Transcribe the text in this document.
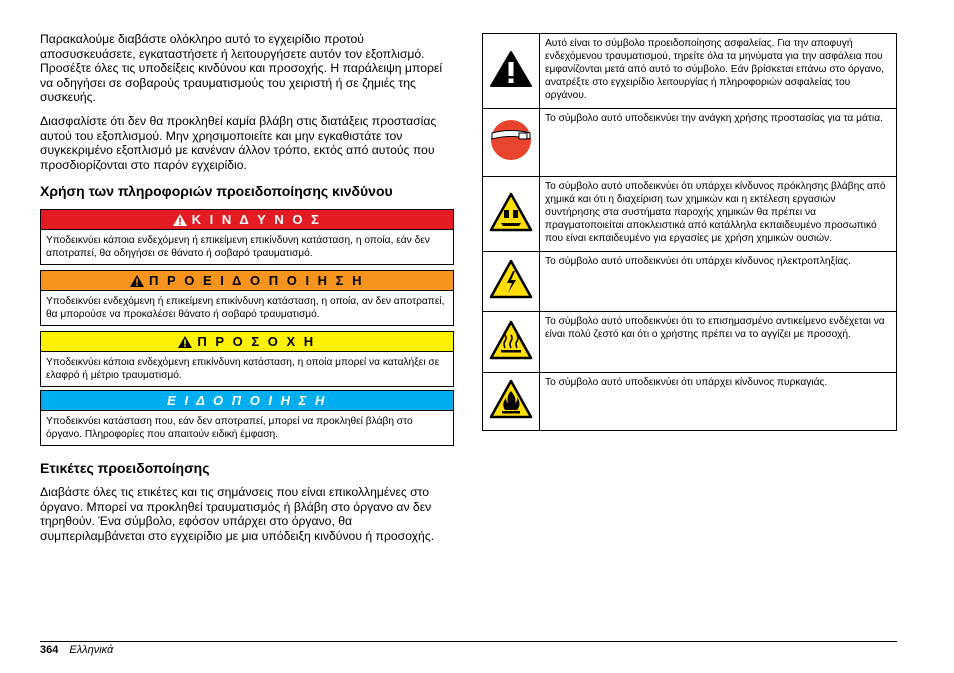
Παρακαλούμε διαβάστε ολόκληρο αυτό το εγχειρίδιο προτού αποσυσκευάσετε, εγκαταστήσετε ή λειτουργήσετε αυτόν τον εξοπλισμό. Προσέξτε όλες τις υποδείξεις κινδύνου και προσοχής. Η παράλειψη μπορεί να οδηγήσει σε σοβαρούς τραυματισμούς του χειριστή ή σε ζημιές της συσκευής.

Διασφαλίστε ότι δεν θα προκληθεί καμία βλάβη στις διατάξεις προστασίας αυτού του εξοπλισμού. Μην χρησιμοποιείτε και μην εγκαθιστάτε τον συγκεκριμένο εξοπλισμό με κανέναν άλλον τρόπο, εκτός από αυτούς που προσδιορίζονται στο παρόν εγχειρίδιο.

Χρήση των πληροφοριών προειδοποίησης κινδύνου
Κ Ι Ν Δ Υ Ν Ο Σ
Υποδεικνύει κάποια ενδεχόμενη ή επικείμενη επικίνδυνη κατάσταση, η οποία, εάν δεν αποτραπεί, θα οδηγήσει σε θάνατο ή σοβαρό τραυματισμό.
Π Ρ Ο Ε Ι Δ Ο Π Ο Ι Η Σ Η
Υποδεικνύει ενδεχόμενη ή επικείμενη επικίνδυνη κατάσταση, η οποία, αν δεν αποτραπεί, θα μπορούσε να προκαλέσει θάνατο ή σοβαρό τραυματισμό.
Π Ρ Ο Σ Ο Χ Η
Υποδεικνύει κάποια ενδεχόμενη επικίνδυνη κατάσταση, η οποία μπορεί να καταλήξει σε ελαφρό ή μέτριο τραυματισμό.
Ε Ι Δ Ο Π Ο Ι Η Σ Η
Υποδεικνύει κατάσταση που, εάν δεν αποτραπεί, μπορεί να προκληθεί βλάβη στο όργανο. Πληροφορίες που απαιτούν ειδική έμφαση.
Ετικέτες προειδοποίησης

Διαβάστε όλες τις ετικέτες και τις σημάνσεις που είναι επικολλημένες στο όργανο. Μπορεί να προκληθεί τραυματισμός ή βλάβη στο όργανο αν δεν τηρηθούν. Ένα σύμβολο, εφόσον υπάρχει στο όργανο, θα συμπεριλαμβάνεται στο εγχειρίδιο με μια υπόδειξη κινδύνου ή προσοχής.

	Αυτό είναι το σύμβολο προειδοποίησης ασφαλείας. Για την αποφυγή ενδεχόμενου τραυματισμού, τηρείτε όλα τα μηνύματα για την ασφάλεια που εμφανίζονται μετά από αυτό το σύμβολο. Εάν βρίσκεται επάνω στο όργανο, ανατρέξτε στο εγχειρίδιο λειτουργίας ή πληροφοριών ασφαλείας του οργάνου.
	Το σύμβολο αυτό υποδεικνύει την ανάγκη χρήσης προστασίας για τα μάτια.
	Το σύμβολο αυτό υποδεικνύει ότι υπάρχει κίνδυνος πρόκλησης βλάβης από χημικά και ότι η διαχείριση των χημικών και η εκτέλεση εργασιών συντήρησης στα συστήματα παροχής χημικών θα πρέπει να πραγματοποιείται αποκλειστικά από κατάλληλα εκπαιδευμένο προσωπικό που είναι εκπαιδευμένο για εργασίες με χρήση χημικών ουσιών.
	Το σύμβολο αυτό υποδεικνύει ότι υπάρχει κίνδυνος ηλεκτροπληξίας.
	Το σύμβολο αυτό υποδεικνύει ότι το επισημασμένο αντικείμενο ενδέχεται να είναι πολύ ζεστό και ότι ο χρήστης πρέπει να το αγγίζει με προσοχή.
	Το σύμβολο αυτό υποδεικνύει ότι υπάρχει κίνδυνος πυρκαγιάς.
364 Ελληνικά
